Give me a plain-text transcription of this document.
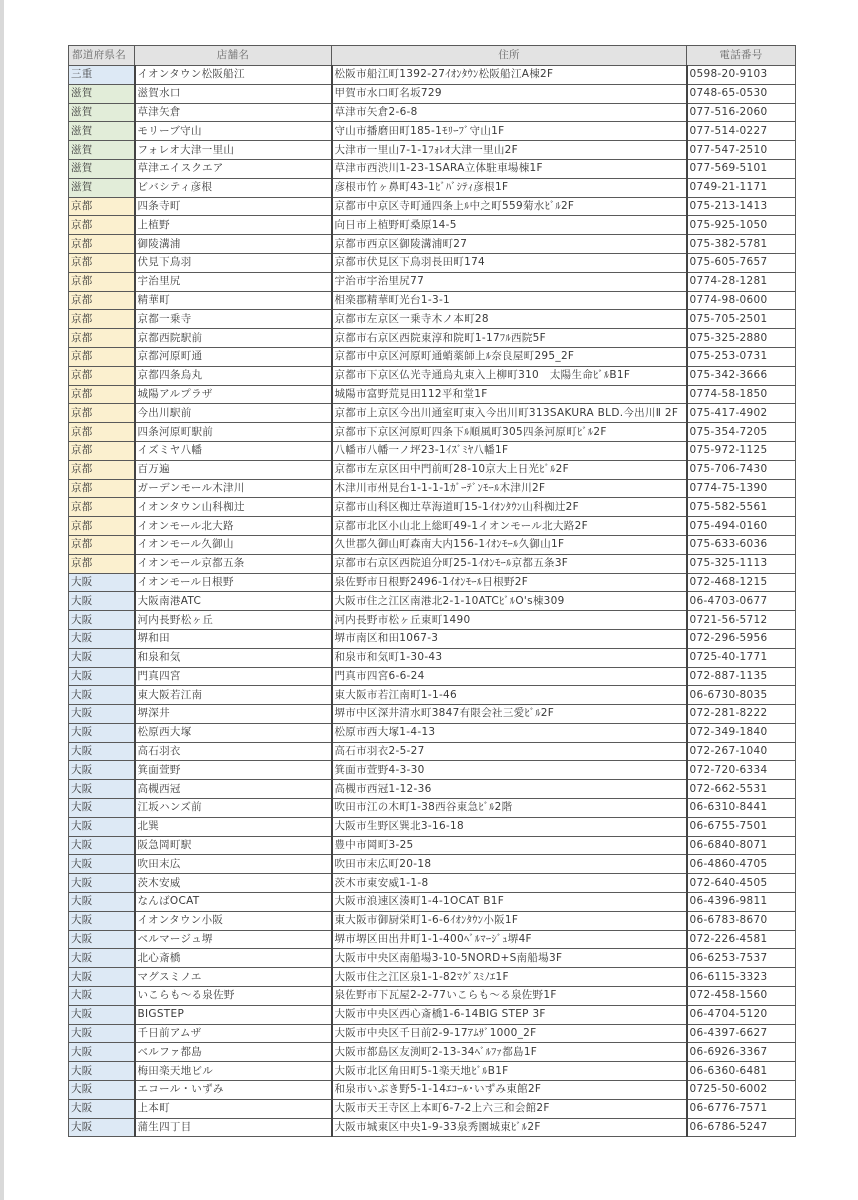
都道府県名	店舗名	住所	電話番号
三重	イオンタウン松阪船江	松阪市船江町1392-27ｲｵﾝﾀｳﾝ松阪船江A棟2F	0598-20-9103
滋賀	滋賀水口	甲賀市水口町名坂729	0748-65-0530
滋賀	草津矢倉	草津市矢倉2-6-8	077-516-2060
滋賀	モリーブ守山	守山市播磨田町185-1ﾓﾘｰﾌﾞ守山1F	077-514-0227
滋賀	フォレオ大津一里山	大津市一里山7-1-1ﾌｫﾚｵ大津一里山2F	077-547-2510
滋賀	草津エイスクエア	草津市西渋川1-23-1SARA立体駐車場棟1F	077-569-5101
滋賀	ビバシティ彦根	彦根市竹ヶ鼻町43-1ﾋﾞﾊﾞｼﾃｨ彦根1F	0749-21-1171
京都	四条寺町	京都市中京区寺町通四条上ﾙ中之町559菊水ﾋﾞﾙ2F	075-213-1413
京都	上植野	向日市上植野町桑原14-5	075-925-1050
京都	御陵溝浦	京都市西京区御陵溝浦町27	075-382-5781
京都	伏見下鳥羽	京都市伏見区下鳥羽長田町174	075-605-7657
京都	宇治里尻	宇治市宇治里尻77	0774-28-1281
京都	精華町	相楽郡精華町光台1-3-1	0774-98-0600
京都	京都一乗寺	京都市左京区一乗寺木ノ本町28	075-705-2501
京都	京都西院駅前	京都市右京区西院東淳和院町1-17ﾌﾙ西院5F	075-325-2880
京都	京都河原町通	京都市中京区河原町通蛸薬師上ﾙ奈良屋町295_2F	075-253-0731
京都	京都四条烏丸	京都市下京区仏光寺通烏丸東入上柳町310　太陽生命ﾋﾞﾙB1F	075-342-3666
京都	城陽アルプラザ	城陽市富野荒見田112平和堂1F	0774-58-1850
京都	今出川駅前	京都市上京区今出川通室町東入今出川町313SAKURA BLD.今出川Ⅱ 2F	075-417-4902
京都	四条河原町駅前	京都市下京区河原町四条下ﾙ順風町305四条河原町ﾋﾞﾙ2F	075-354-7205
京都	イズミヤ八幡	八幡市八幡一ノ坪23-1ｲｽﾞﾐﾔ八幡1F	075-972-1125
京都	百万遍	京都市左京区田中門前町28-10京大上日光ﾋﾞﾙ2F	075-706-7430
京都	ガーデンモール木津川	木津川市州見台1-1-1-1ｶﾞｰﾃﾞﾝﾓｰﾙ木津川2F	0774-75-1390
京都	イオンタウン山科椥辻	京都市山科区椥辻草海道町15-1ｲｵﾝﾀｳﾝ山科椥辻2F	075-582-5561
京都	イオンモール北大路	京都市北区小山北上総町49-1イオンモール北大路2F	075-494-0160
京都	イオンモール久御山	久世郡久御山町森南大内156-1ｲｵﾝﾓｰﾙ久御山1F	075-633-6036
京都	イオンモール京都五条	京都市右京区西院追分町25-1ｲｵﾝﾓｰﾙ京都五条3F	075-325-1113
大阪	イオンモール日根野	泉佐野市日根野2496-1ｲｵﾝﾓｰﾙ日根野2F	072-468-1215
大阪	大阪南港ATC	大阪市住之江区南港北2-1-10ATCﾋﾞﾙO's棟309	06-4703-0677
大阪	河内長野松ヶ丘	河内長野市松ヶ丘東町1490	0721-56-5712
大阪	堺和田	堺市南区和田1067-3	072-296-5956
大阪	和泉和気	和泉市和気町1-30-43	0725-40-1771
大阪	門真四宮	門真市四宮6-6-24	072-887-1135
大阪	東大阪若江南	東大阪市若江南町1-1-46	06-6730-8035
大阪	堺深井	堺市中区深井清水町3847有限会社三愛ﾋﾞﾙ2F	072-281-8222
大阪	松原西大塚	松原市西大塚1-4-13	072-349-1840
大阪	高石羽衣	高石市羽衣2-5-27	072-267-1040
大阪	箕面萱野	箕面市萱野4-3-30	072-720-6334
大阪	高槻西冠	高槻市西冠1-12-36	072-662-5531
大阪	江坂ハンズ前	吹田市江の木町1-38西谷東急ﾋﾞﾙ2階	06-6310-8441
大阪	北巽	大阪市生野区巽北3-16-18	06-6755-7501
大阪	阪急岡町駅	豊中市岡町3-25	06-6840-8071
大阪	吹田末広	吹田市末広町20-18	06-4860-4705
大阪	茨木安威	茨木市東安威1-1-8	072-640-4505
大阪	なんばOCAT	大阪市浪速区湊町1-4-1OCAT B1F	06-4396-9811
大阪	イオンタウン小阪	東大阪市御厨栄町1-6-6ｲｵﾝﾀｳﾝ小阪1F	06-6783-8670
大阪	ベルマージュ堺	堺市堺区田出井町1-1-400ﾍﾞﾙﾏｰｼﾞｭ堺4F	072-226-4581
大阪	北心斎橋	大阪市中央区南船場3-10-5NORD+S南船場3F	06-6253-7537
大阪	マグスミノエ	大阪市住之江区泉1-1-82ﾏｸﾞｽﾐﾉｴ1F	06-6115-3323
大阪	いこらも～る泉佐野	泉佐野市下瓦屋2-2-77いこらも～る泉佐野1F	072-458-1560
大阪	BIGSTEP	大阪市中央区西心斎橋1-6-14BIG STEP 3F	06-4704-5120
大阪	千日前アムザ	大阪市中央区千日前2-9-17ｱﾑｻﾞ1000_2F	06-4397-6627
大阪	ベルファ都島	大阪市都島区友渕町2-13-34ﾍﾞﾙﾌｧ都島1F	06-6926-3367
大阪	梅田楽天地ビル	大阪市北区角田町5-1楽天地ﾋﾞﾙB1F	06-6360-6481
大阪	エコール・いずみ	和泉市いぶき野5-1-14ｴｺｰﾙ･いずみ東館2F	0725-50-6002
大阪	上本町	大阪市天王寺区上本町6-7-2上六三和会館2F	06-6776-7571
大阪	蒲生四丁目	大阪市城東区中央1-9-33泉秀園城東ﾋﾞﾙ2F	06-6786-5247
